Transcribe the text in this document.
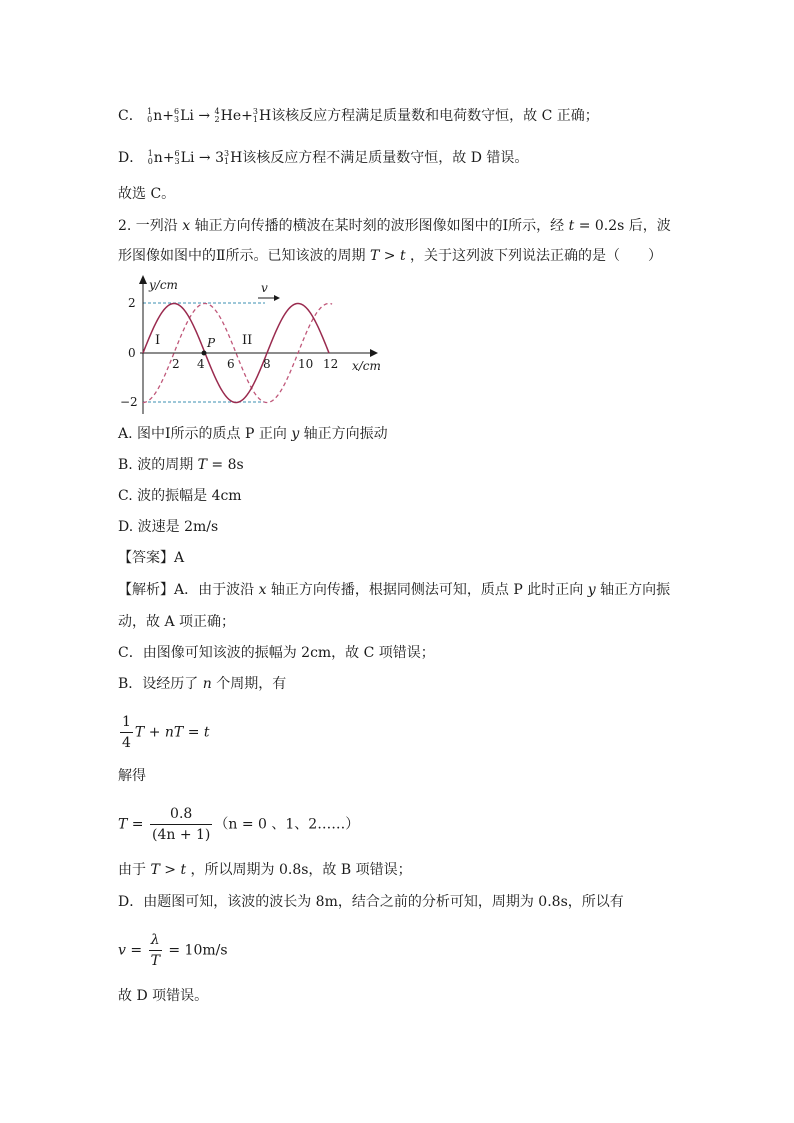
C． 1
0 n+ 6
3 Li → 4
2 He+ 3
1 H该核反应方程满足质量数和电荷数守恒，故 C 正确；
D． 1
0 n+ 6
3 Li → 3 3
1 H该核反应方程不满足质量数守恒，故 D 错误。
故选 C。
2. 一列沿 x 轴正方向传播的横波在某时刻的波形图像如图中的Ⅰ所示，经 t = 0.2s 后，波
形图像如图中的Ⅱ所示。已知该波的周期 T > t ，关于这列波下列说法正确的是（　　）
y/cm
x/cm
2
−2
0
2 4 6 8 10 12
I	II
P
v
A. 图中Ⅰ所示的质点 P 正向 y 轴正方向振动
B. 波的周期 T = 8s
C. 波的振幅是 4cm
D. 波速是 2m/s
【答案】A
【解析】A．由于波沿 x 轴正方向传播，根据同侧法可知，质点 P 此时正向 y 轴正方向振
动，故 A 项正确；
C．由图像可知该波的振幅为 2cm，故 C 项错误；
B．设经历了 n 个周期，有
$\frac{1}{4}$ T + nT = t
解得
$T = \frac{0.8}{(4n + 1)} (n = 0$ 、1、2……）
由于 T > t ，所以周期为 0.8s，故 B 项错误；
D．由题图可知，该波的波长为 8m，结合之前的分析可知，周期为 0.8s，所以有
$v = \frac{\lambda}{T} = 10m/s$
故 D 项错误。
